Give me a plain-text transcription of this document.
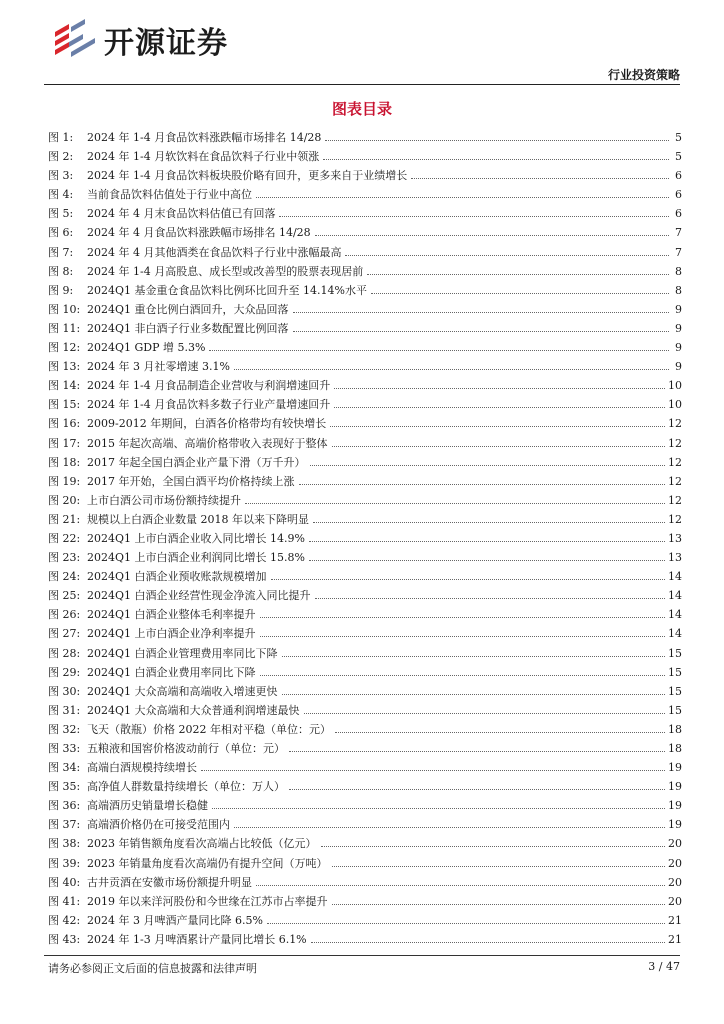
开源证券
行业投资策略
图表目录
图 1:	2024 年 1-4 月食品饮料涨跌幅市场排名 14/28	5
图 2:	2024 年 1-4 月软饮料在食品饮料子行业中领涨	5
图 3:	2024 年 1-4 月食品饮料板块股价略有回升，更多来自于业绩增长	6
图 4:	当前食品饮料估值处于行业中高位	6
图 5:	2024 年 4 月末食品饮料估值已有回落	6
图 6:	2024 年 4 月食品饮料涨跌幅市场排名 14/28	7
图 7:	2024 年 4 月其他酒类在食品饮料子行业中涨幅最高	7
图 8:	2024 年 1-4 月高股息、成长型或改善型的股票表现居前	8
图 9:	2024Q1 基金重仓食品饮料比例环比回升至 14.14%水平	8
图 10: 2024Q1 重仓比例白酒回升，大众品回落	9
图 11: 2024Q1 非白酒子行业多数配置比例回落	9
图 12: 2024Q1 GDP 增 5.3%	9
图 13: 2024 年 3 月社零增速 3.1%	9
图 14: 2024 年 1-4 月食品制造企业营收与利润增速回升	10
图 15: 2024 年 1-4 月食品饮料多数子行业产量增速回升	10
图 16: 2009-2012 年期间，白酒各价格带均有较快增长	12
图 17: 2015 年起次高端、高端价格带收入表现好于整体	12
图 18: 2017 年起全国白酒企业产量下滑（万千升）	12
图 19: 2017 年开始，全国白酒平均价格持续上涨	12
图 20: 上市白酒公司市场份额持续提升	12
图 21: 规模以上白酒企业数量 2018 年以来下降明显	12
图 22: 2024Q1 上市白酒企业收入同比增长 14.9%	13
图 23: 2024Q1 上市白酒企业利润同比增长 15.8%	13
图 24: 2024Q1 白酒企业预收账款规模增加	14
图 25: 2024Q1 白酒企业经营性现金净流入同比提升	14
图 26: 2024Q1 白酒企业整体毛利率提升	14
图 27: 2024Q1 上市白酒企业净利率提升	14
图 28: 2024Q1 白酒企业管理费用率同比下降	15
图 29: 2024Q1 白酒企业费用率同比下降	15
图 30: 2024Q1 大众高端和高端收入增速更快	15
图 31: 2024Q1 大众高端和大众普通利润增速最快	15
图 32: 飞天（散瓶）价格 2022 年相对平稳（单位：元）	18
图 33: 五粮液和国窖价格波动前行（单位：元）	18
图 34: 高端白酒规模持续增长	19
图 35: 高净值人群数量持续增长（单位：万人）	19
图 36: 高端酒历史销量增长稳健	19
图 37: 高端酒价格仍在可接受范围内	19
图 38: 2023 年销售额角度看次高端占比较低（亿元）	20
图 39: 2023 年销量角度看次高端仍有提升空间（万吨）	20
图 40: 古井贡酒在安徽市场份额提升明显	20
图 41: 2019 年以来洋河股份和今世缘在江苏市占率提升	20
图 42: 2024 年 3 月啤酒产量同比降 6.5%	21
图 43: 2024 年 1-3 月啤酒累计产量同比增长 6.1%	21
请务必参阅正文后面的信息披露和法律声明	3 / 47
